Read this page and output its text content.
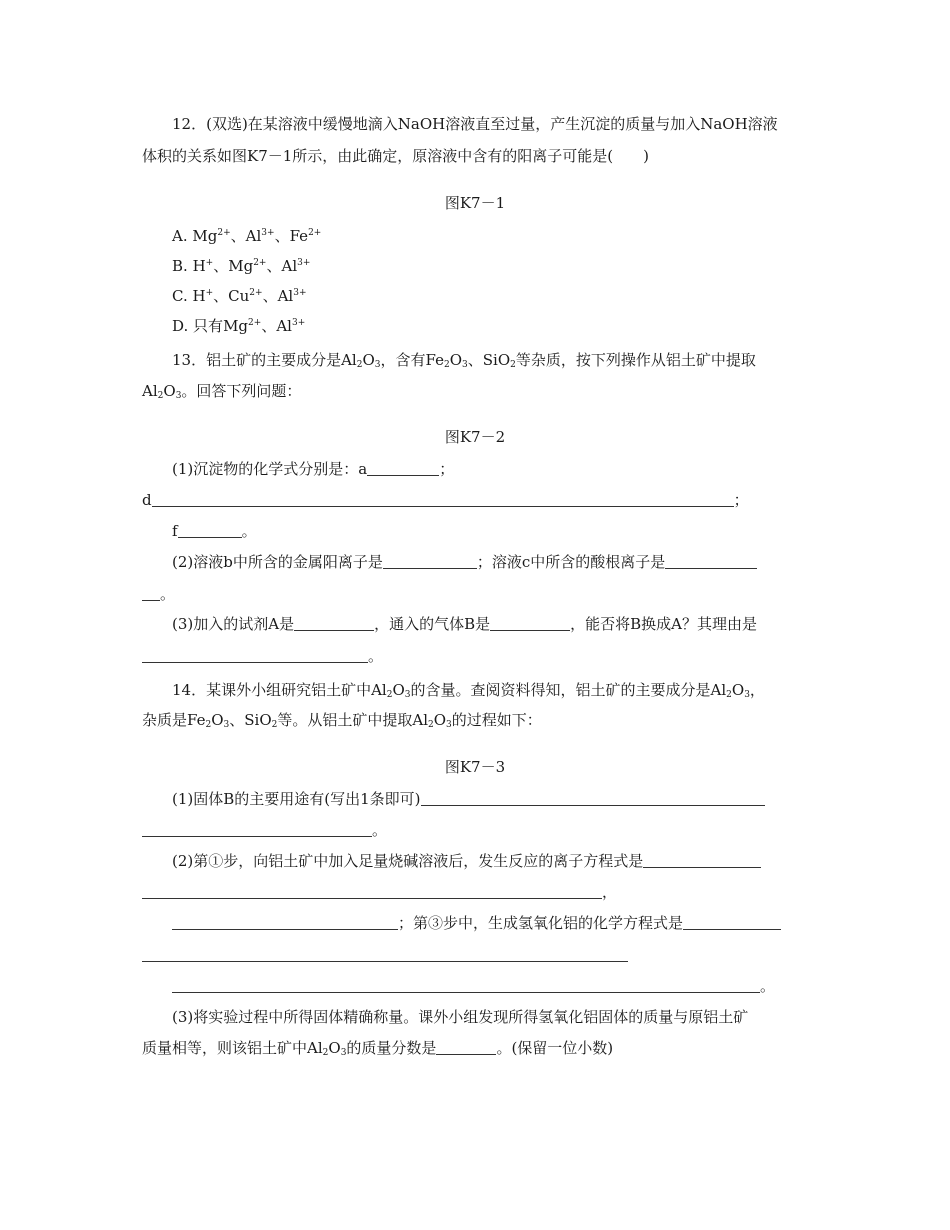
12．(双选)在某溶液中缓慢地滴入NaOH溶液直至过量，产生沉淀的质量与加入NaOH溶液
体积的关系如图K7－1所示，由此确定，原溶液中含有的阳离子可能是( )
图K7－1
A. $Mg^{2+}$、$Al^{3+}$、$Fe^{2+}$
B. H+、$Mg^{2+}$、$Al^{3+}$
C. H+、$Cu^{2+}$、$Al^{3+}$
D. 只有$Mg^{2+}$、$Al^{3+}$
13．铝土矿的主要成分是$Al_2O_3$，含有$Fe_2O_3$、SiO$_2$等杂质，按下列操作从铝土矿中提取
$Al_2O_3$。回答下列问题：
图K7－2
(1)沉淀物的化学式分别是：a	；
d	；
f	。
(2)溶液b中所含的金属阳离子是	；溶液c中所含的酸根离子是
。
(3)加入的试剂A是	，通入的气体B是	，能否将B换成A？其理由是
。
14．某课外小组研究铝土矿中$Al_2O_3$的含量。查阅资料得知，铝土矿的主要成分是$Al_2O_3$，
杂质是$Fe_2O_3$、SiO$_2$等。从铝土矿中提取$Al_2O_3$的过程如下：
图K7－3
(1)固体B的主要用途有(写出1条即可)
。
(2)第①步，向铝土矿中加入足量烧碱溶液后，发生反应的离子方程式是
，
；第③步中，生成氢氧化铝的化学方程式是
。
(3)将实验过程中所得固体精确称量。课外小组发现所得氢氧化铝固体的质量与原铝土矿
质量相等，则该铝土矿中$Al_2O_3$的质量分数是	。(保留一位小数)
